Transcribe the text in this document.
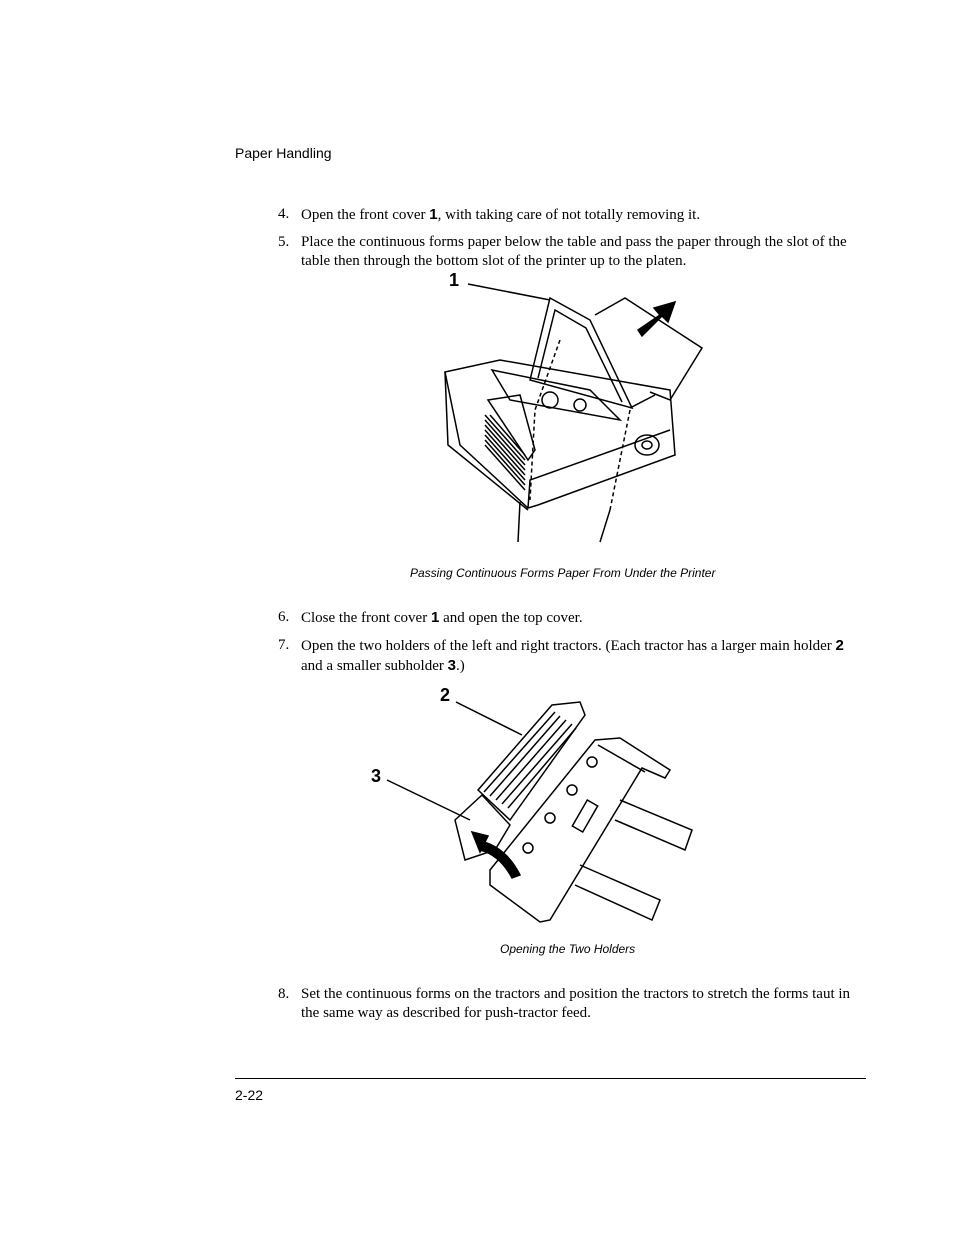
Paper Handling
4. Open the front cover 1, with taking care of not totally removing it.
5. Place the continuous forms paper below the table and pass the paper through the slot of the table then through the bottom slot of the printer up to the platen.
1
Passing Continuous Forms Paper From Under the Printer
6. Close the front cover 1 and open the top cover.
7. Open the two holders of the left and right tractors. (Each tractor has a larger main holder 2 and a smaller subholder 3.)
2
3
Opening the Two Holders
8. Set the continuous forms on the tractors and position the tractors to stretch the forms taut in the same way as described for push-tractor feed.
2-22
